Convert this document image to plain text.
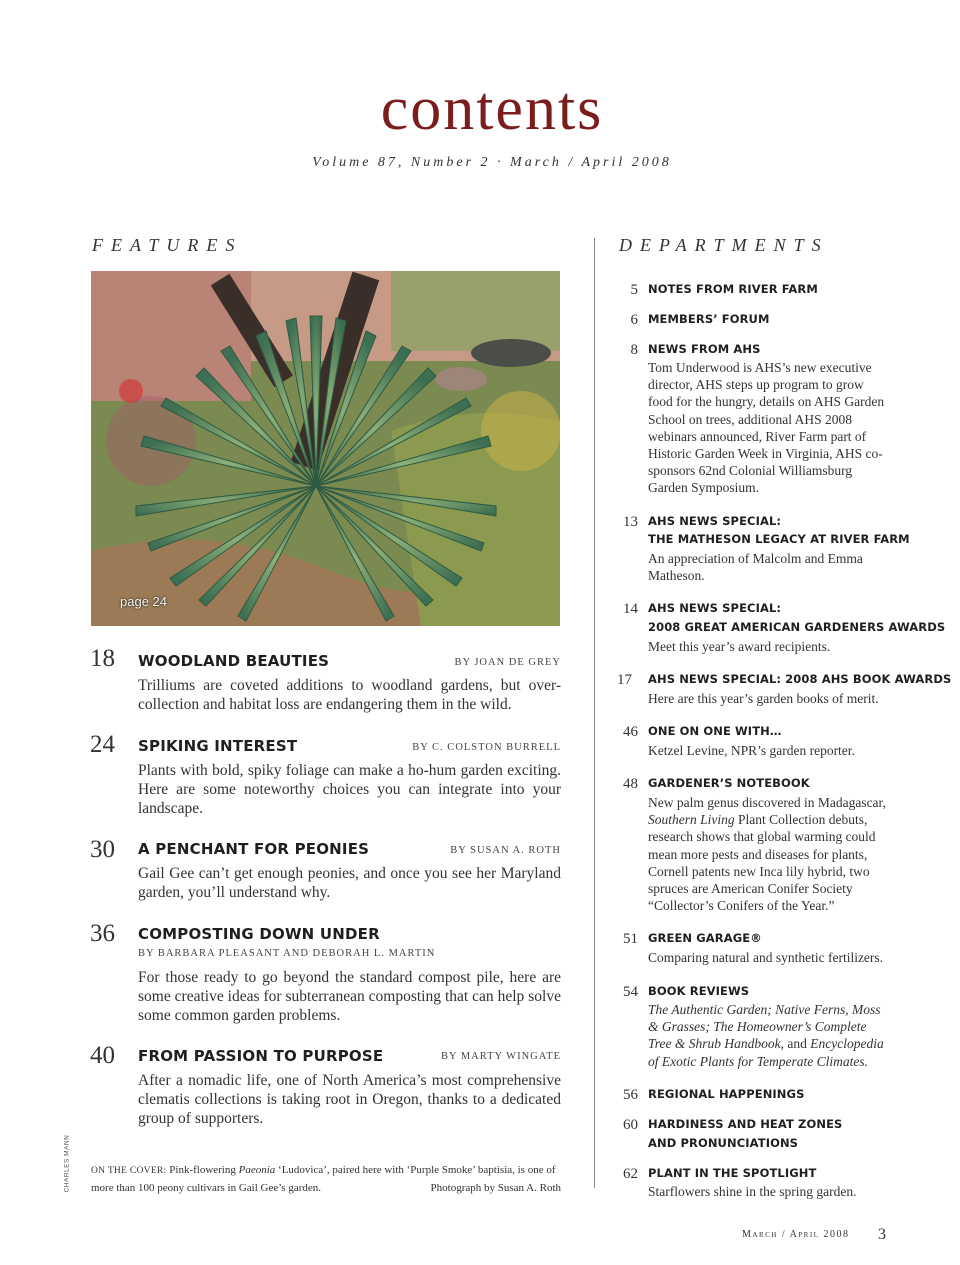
contents
Volume 87, Number 2 · March / April 2008
FEATURES
page 24
18 WOODLAND BEAUTIES	BY JOAN DE GREY
Trilliums are coveted additions to woodland gardens, but over-collection and habitat loss are endangering them in the wild.
24 SPIKING INTEREST	BY C. COLSTON BURRELL
Plants with bold, spiky foliage can make a ho-hum garden exciting. Here are some noteworthy choices you can integrate into your landscape.
30 A PENCHANT FOR PEONIES	BY SUSAN A. ROTH
Gail Gee can’t get enough peonies, and once you see her Maryland garden, you’ll understand why.
36 COMPOSTING DOWN UNDER
BY BARBARA PLEASANT AND DEBORAH L. MARTIN
For those ready to go beyond the standard compost pile, here are some creative ideas for subterranean composting that can help solve some common garden problems.
40 FROM PASSION TO PURPOSE	BY MARTY WINGATE
After a nomadic life, one of North America’s most comprehensive clematis collections is taking root in Oregon, thanks to a dedicated group of supporters.
ON THE COVER: Pink-flowering Paeonia ‘Ludovica’, paired here with ‘Purple Smoke’ baptisia, is one of more than 100 peony cultivars in Gail Gee’s garden.	Photograph by Susan A. Roth
CHARLES MANN
DEPARTMENTS
5 NOTES FROM RIVER FARM
6 MEMBERS’ FORUM
8 NEWS FROM AHS
Tom Underwood is AHS’s new executive director, AHS steps up program to grow food for the hungry, details on AHS Garden School on trees, additional AHS 2008 webinars announced, River Farm part of Historic Garden Week in Virginia, AHS co-sponsors 62nd Colonial Williamsburg Garden Symposium.
13 AHS NEWS SPECIAL:
THE MATHESON LEGACY AT RIVER FARM
An appreciation of Malcolm and Emma Matheson.
14 AHS NEWS SPECIAL:
2008 GREAT AMERICAN GARDENERS AWARDS
Meet this year’s award recipients.
17 AHS NEWS SPECIAL: 2008 AHS BOOK AWARDS
Here are this year’s garden books of merit.
46 ONE ON ONE WITH…
Ketzel Levine, NPR’s garden reporter.
48 GARDENER’S NOTEBOOK
New palm genus discovered in Madagascar, Southern Living Plant Collection debuts, research shows that global warming could mean more pests and diseases for plants, Cornell patents new Inca lily hybrid, two spruces are American Conifer Society “Collector’s Conifers of the Year.”
51 GREEN GARAGE®
Comparing natural and synthetic fertilizers.
54 BOOK REVIEWS
The Authentic Garden; Native Ferns, Moss & Grasses; The Homeowner’s Complete Tree & Shrub Handbook, and Encyclopedia of Exotic Plants for Temperate Climates.
56 REGIONAL HAPPENINGS
60 HARDINESS AND HEAT ZONES
AND PRONUNCIATIONS
62 PLANT IN THE SPOTLIGHT
Starflowers shine in the spring garden.
March / April 2008 3
